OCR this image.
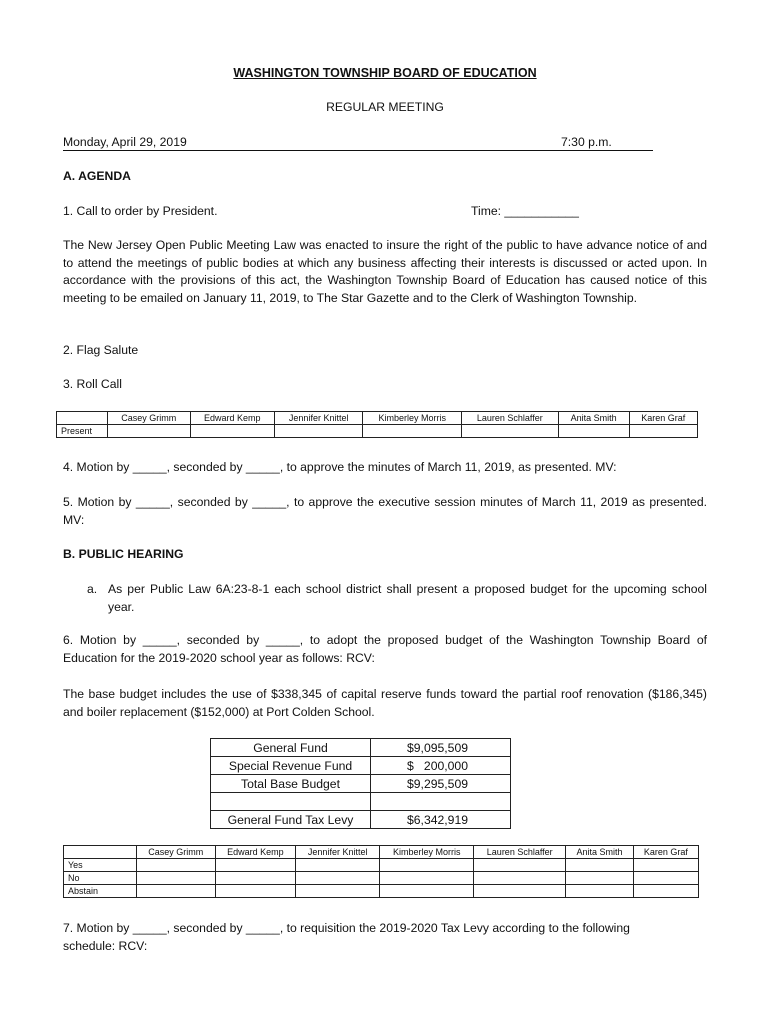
WASHINGTON TOWNSHIP BOARD OF EDUCATION
REGULAR MEETING
Monday, April 29, 2019	7:30 p.m.
A. AGENDA
1. Call to order by President.	Time: ___________
The New Jersey Open Public Meeting Law was enacted to insure the right of the public to have advance notice of and to attend the meetings of public bodies at which any business affecting their interests is discussed or acted upon. In accordance with the provisions of this act, the Washington Township Board of Education has caused notice of this meeting to be emailed on January 11, 2019, to The Star Gazette and to the Clerk of Washington Township.
2. Flag Salute
3. Roll Call
	Casey Grimm	Edward Kemp	Jennifer Knittel	Kimberley Morris	Lauren Schlaffer	Anita Smith	Karen Graf
Present							
4. Motion by _____, seconded by _____, to approve the minutes of March 11, 2019, as presented. MV:
5. Motion by _____, seconded by _____, to approve the executive session minutes of March 11, 2019 as presented. MV:
B. PUBLIC HEARING
a. As per Public Law 6A:23-8-1 each school district shall present a proposed budget for the upcoming school year.
6. Motion by _____, seconded by _____, to adopt the proposed budget of the Washington Township Board of Education for the 2019-2020 school year as follows: RCV:
The base budget includes the use of $338,345 of capital reserve funds toward the partial roof renovation ($186,345) and boiler replacement ($152,000) at Port Colden School.
General Fund	$9,095,509
Special Revenue Fund	$   200,000
Total Base Budget	$9,295,509

General Fund Tax Levy	$6,342,919
	Casey Grimm	Edward Kemp	Jennifer Knittel	Kimberley Morris	Lauren Schlaffer	Anita Smith	Karen Graf
Yes							
No							
Abstain							
7. Motion by _____, seconded by _____, to requisition the 2019-2020 Tax Levy according to the following schedule: RCV:
